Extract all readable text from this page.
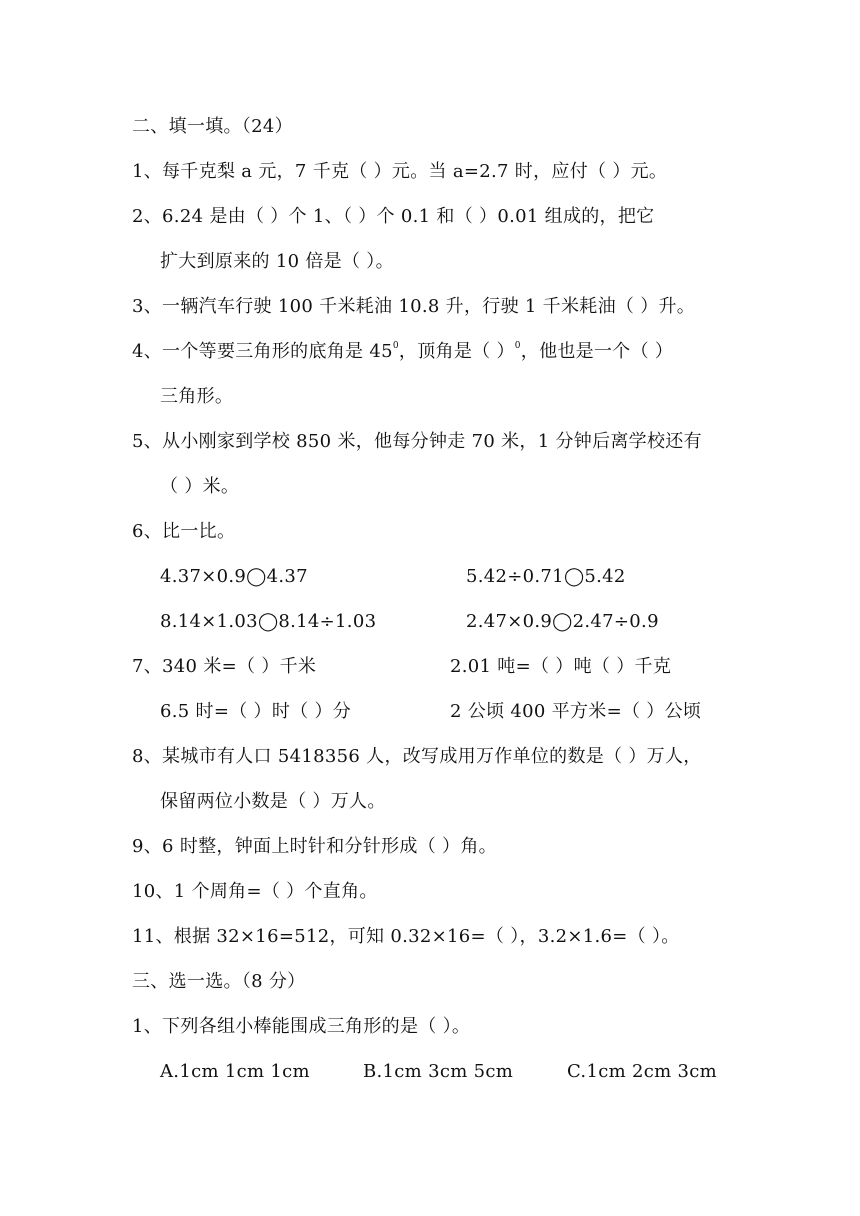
二、填一填。（24）
1、每千克梨 a 元，7 千克（ ）元。当 a=2.7 时，应付（ ）元。
2、6.24 是由（ ）个 1、（ ）个 0.1 和（ ）0.01 组成的，把它
扩大到原来的 10 倍是（ ）。
3、一辆汽车行驶 100 千米耗油 10.8 升，行驶 1 千米耗油（ ）升。
4、一个等要三角形的底角是 $45^0$，顶角是（ ）$^0$，他也是一个（ ）
三角形。
5、从小刚家到学校 850 米，他每分钟走 70 米，1 分钟后离学校还有
（ ）米。
6、比一比。
4.37×0.9◯4.37	5.42÷0.71◯5.42
8.14×1.03◯8.14÷1.03	2.47×0.9◯2.47÷0.9
7、340 米=（ ）千米	2.01 吨=（ ）吨（ ）千克
6.5 时=（ ）时（ ）分	2 公顷 400 平方米=（ ）公顷
8、某城市有人口 5418356 人，改写成用万作单位的数是（ ）万人，
保留两位小数是（ ）万人。
9、6 时整，钟面上时针和分针形成（ ）角。
10、1 个周角=（ ）个直角。
11、根据 32×16=512，可知 0.32×16=（ ），3.2×1.6=（ ）。
三、选一选。（8 分）
1、下列各组小棒能围成三角形的是（ ）。
A.1cm 1cm 1cm	B.1cm 3cm 5cm	C.1cm 2cm 3cm
